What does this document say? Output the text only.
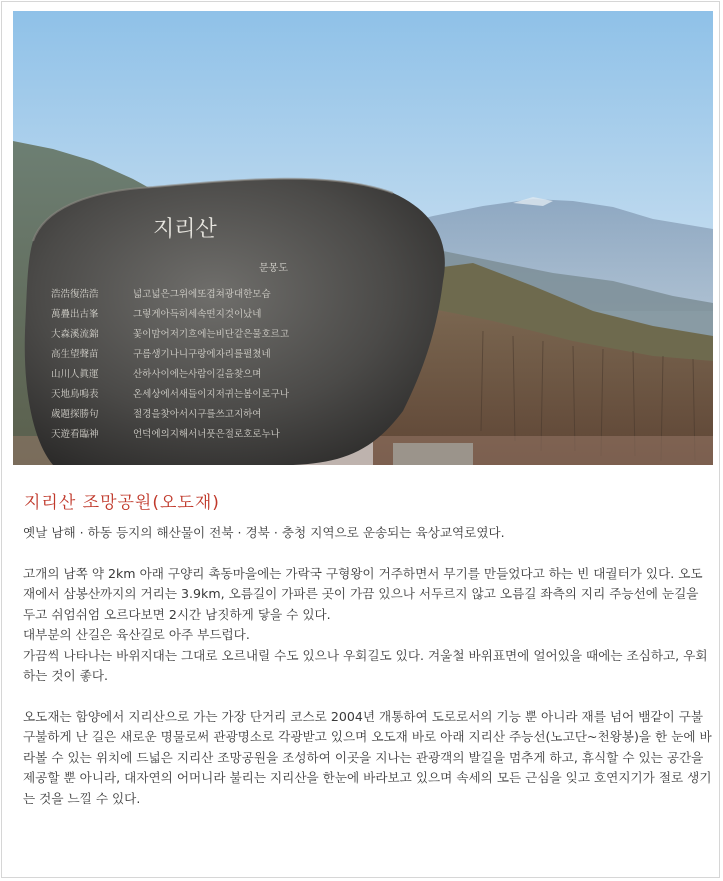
지리산
문몽도
浩浩復浩浩
萬疊出古峯
大森溪流錦
高生望聲苗
山川人眞運
天地鳥鳴表
歲題探勝句
天遊看臨神
넓고넓은그위에또겹쳐광대한모습
그렇게아득히세속떤지것이났네
꽃이맘어저기흐에는비단같은물호르고
구름생기나니구랑에자리를펼쳤네
산하사이에는사람이길을찾으며
온세상에서새들이지저귀는봄이로구나
절경을찾아서시구를쓰고지하여
언덕에의지해서너풋은절로호로누나
지리산 조망공원(오도재)

옛날 남해 · 하동 등지의 해산물이 전북 · 경북 · 충청 지역으로 운송되는 육상교역로였다.

고개의 남쪽 약 2km 아래 구양리 촉동마을에는 가락국 구형왕이 거주하면서 무기를 만들었다고 하는 빈 대궐터가 있다. 오도재에서 삼봉산까지의 거리는 3.9km, 오름길이 가파른 곳이 가끔 있으나 서두르지 않고 오름길 좌측의 지리 주능선에 눈길을 두고 쉬엄쉬엄 오르다보면 2시간 남짓하게 닿을 수 있다.

대부분의 산길은 육산길로 아주 부드럽다.

가끔씩 나타나는 바위지대는 그대로 오르내릴 수도 있으나 우회길도 있다. 겨울철 바위표면에 얼어있을 때에는 조심하고, 우회하는 것이 좋다.

오도재는 함양에서 지리산으로 가는 가장 단거리 코스로 2004년 개통하여 도로로서의 기능 뿐 아니라 재를 넘어 뱀같이 구불구불하게 난 길은 새로운 명물로써 관광명소로 각광받고 있으며 오도재 바로 아래 지리산 주능선(노고단~천왕봉)을 한 눈에 바라볼 수 있는 위치에 드넓은 지리산 조망공원을 조성하여 이곳을 지나는 관광객의 발길을 멈추게 하고, 휴식할 수 있는 공간을 제공할 뿐 아니라, 대자연의 어머니라 불리는 지리산을 한눈에 바라보고 있으며 속세의 모든 근심을 잊고 호연지기가 절로 생기는 것을 느낄 수 있다.
